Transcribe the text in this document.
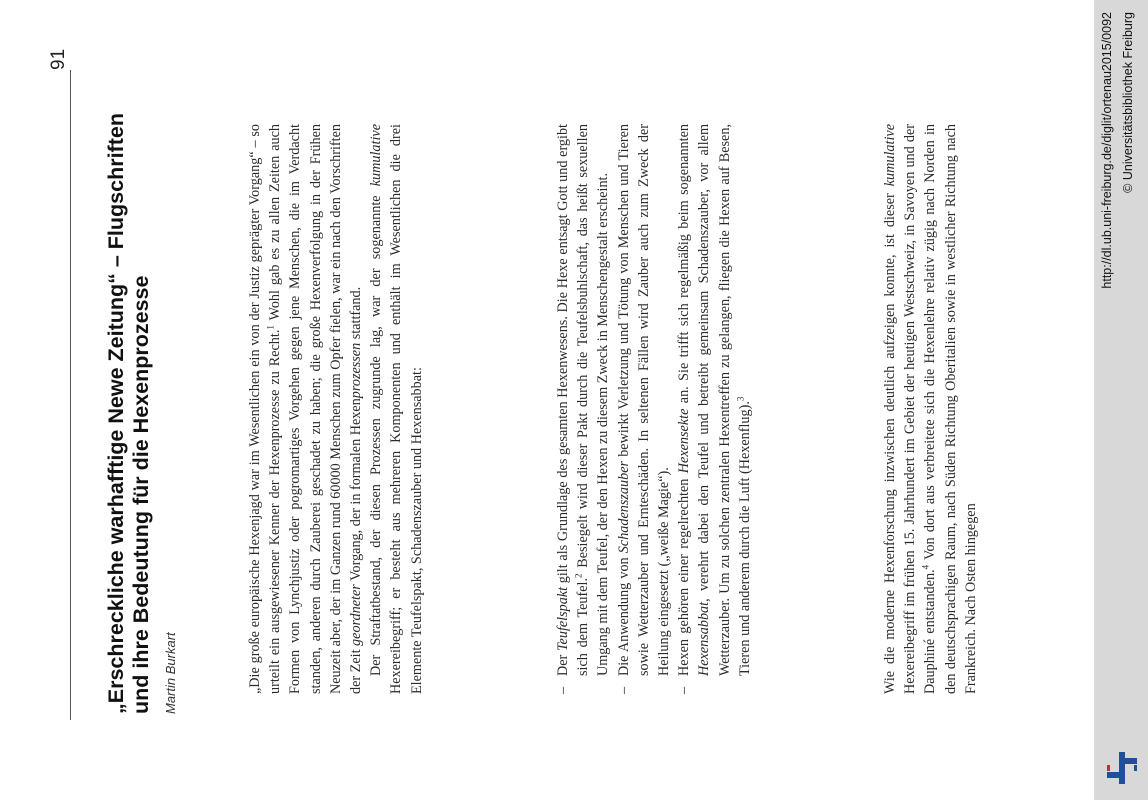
91
„Erschreckliche warhafftige Newe Zeitung“ – Flugschriften und ihre Bedeutung für die Hexenprozesse Martin Burkart	„Die große europäische Hexenjagd war im Wesentlichen ein von der Justiz geprägter Vorgang“ – so urteilt ein ausgewiesener Kenner der Hexenprozesse zu Recht.$^1$ Wohl gab es zu allen Zeiten auch Formen von Lynchjustiz oder pogromartiges Vorgehen gegen jene Menschen, die im Verdacht standen, anderen durch Zauberei geschadet zu haben; die große Hexenverfolgung in der Frühen Neuzeit aber, der im Ganzen rund 60000 Menschen zum Opfer fielen, war ein nach den Vorschriften der Zeit geordneter Vorgang, der in formalen Hexenprozessen stattfand. Der Straftatbestand, der diesen Prozessen zugrunde lag, war der sogenannte kumulative Hexereibegriff; er besteht aus mehreren Komponenten und enthält im Wesentlichen die drei Elemente Teufelspakt, Schadenszauber und Hexensabbat:	– Der Teufelspakt gilt als Grundlage des gesamten Hexenwesens. Die Hexe entsagt Gott und ergibt sich dem Teufel.$^2$ Besiegelt wird dieser Pakt durch die Teufelsbuhlschaft, das heißt sexuellen Umgang mit dem Teufel, der den Hexen zu diesem Zweck in Menschengestalt erscheint. – Die Anwendung von Schadenszauber bewirkt Verletzung und Tötung von Menschen und Tieren sowie Wetterzauber und Ernteschäden. In seltenen Fällen wird Zauber auch zum Zweck der Heilung eingesetzt („weiße Magie“). – Hexen gehören einer regelrechten Hexensekte an. Sie trifft sich regelmäßig beim sogenannten Hexensabbat, verehrt dabei den Teufel und betreibt gemeinsam Schadenszauber, vor allem Wetterzauber. Um zu solchen zentralen Hexentreffen zu gelangen, fliegen die Hexen auf Besen, Tieren und anderem durch die Luft (Hexenflug).$^3$	Wie die moderne Hexenforschung inzwischen deutlich aufzeigen konnte, ist dieser kumulative Hexereibegriff im frühen 15. Jahrhundert im Gebiet der heutigen Westschweiz, in Savoyen und der Dauphiné entstanden.$^4$ Von dort aus verbreitete sich die Hexenlehre relativ zügig nach Norden in den deutschsprachigen Raum, nach Süden Richtung Oberitalien sowie in westlicher Richtung nach Frankreich. Nach Osten hingegen

http://dl.ub.uni-freiburg.de/diglit/ortenau2015/0092 © Universitätsbibliothek Freiburg
